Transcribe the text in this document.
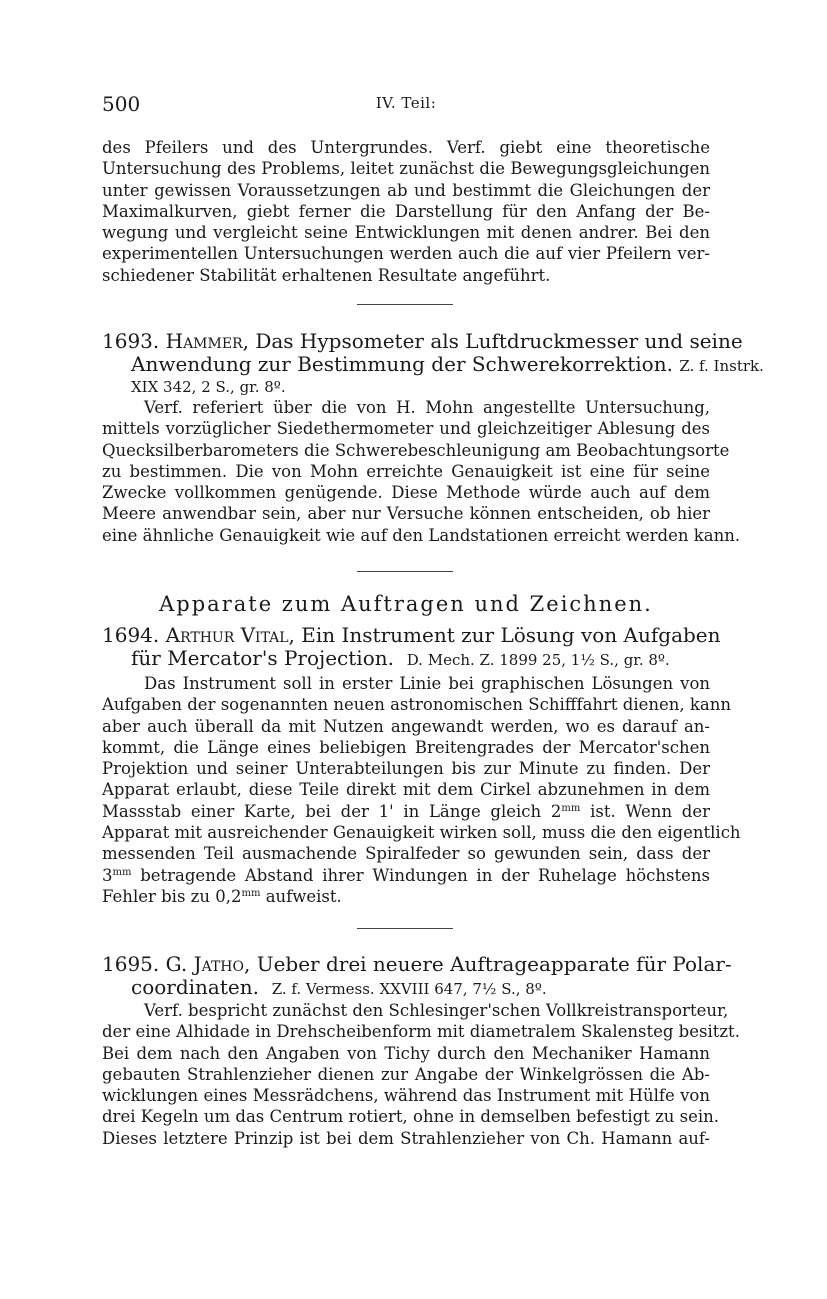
500	IV. Teil:
des Pfeilers und des Untergrundes. Verf. giebt eine theoretische
Untersuchung des Problems, leitet zunächst die Bewegungsgleichungen
unter gewissen Voraussetzungen ab und bestimmt die Gleichungen der
Maximalkurven, giebt ferner die Darstellung für den Anfang der Be-
wegung und vergleicht seine Entwicklungen mit denen andrer. Bei den
experimentellen Untersuchungen werden auch die auf vier Pfeilern ver-
schiedener Stabilität erhaltenen Resultate angeführt.
1693. Hammer, Das Hypsometer als Luftdruckmesser und seine
Anwendung zur Bestimmung der Schwerekorrektion. Z. f. Instrk.
XIX 342, 2 S., gr. 8º.
Verf. referiert über die von H. Mohn angestellte Untersuchung,
mittels vorzüglicher Siedethermometer und gleichzeitiger Ablesung des
Quecksilberbarometers die Schwerebeschleunigung am Beobachtungsorte
zu bestimmen. Die von Mohn erreichte Genauigkeit ist eine für seine
Zwecke vollkommen genügende. Diese Methode würde auch auf dem
Meere anwendbar sein, aber nur Versuche können entscheiden, ob hier
eine ähnliche Genauigkeit wie auf den Landstationen erreicht werden kann.
Apparate zum Auftragen und Zeichnen.
1694. Arthur Vital, Ein Instrument zur Lösung von Aufgaben
für Mercator's Projection. D. Mech. Z. 1899 25, 1½ S., gr. 8º.
Das Instrument soll in erster Linie bei graphischen Lösungen von
Aufgaben der sogenannten neuen astronomischen Schifffahrt dienen, kann
aber auch überall da mit Nutzen angewandt werden, wo es darauf an-
kommt, die Länge eines beliebigen Breitengrades der Mercator'schen
Projektion und seiner Unterabteilungen bis zur Minute zu finden. Der
Apparat erlaubt, diese Teile direkt mit dem Cirkel abzunehmen in dem
Massstab einer Karte, bei der 1' in Länge gleich $2^{mm}$ ist. Wenn der
Apparat mit ausreichender Genauigkeit wirken soll, muss die den eigentlich
messenden Teil ausmachende Spiralfeder so gewunden sein, dass der
$3^{mm}$ betragende Abstand ihrer Windungen in der Ruhelage höchstens
Fehler bis zu $0,2^{mm}$ aufweist.
1695. G. Jatho, Ueber drei neuere Auftrageapparate für Polar-
coordinaten. Z. f. Vermess. XXVIII 647, 7½ S., 8º.
Verf. bespricht zunächst den Schlesinger'schen Vollkreistransporteur,
der eine Alhidade in Drehscheibenform mit diametralem Skalensteg besitzt.
Bei dem nach den Angaben von Tichy durch den Mechaniker Hamann
gebauten Strahlenzieher dienen zur Angabe der Winkelgrössen die Ab-
wicklungen eines Messrädchens, während das Instrument mit Hülfe von
drei Kegeln um das Centrum rotiert, ohne in demselben befestigt zu sein.
Dieses letztere Prinzip ist bei dem Strahlenzieher von Ch. Hamann auf-
